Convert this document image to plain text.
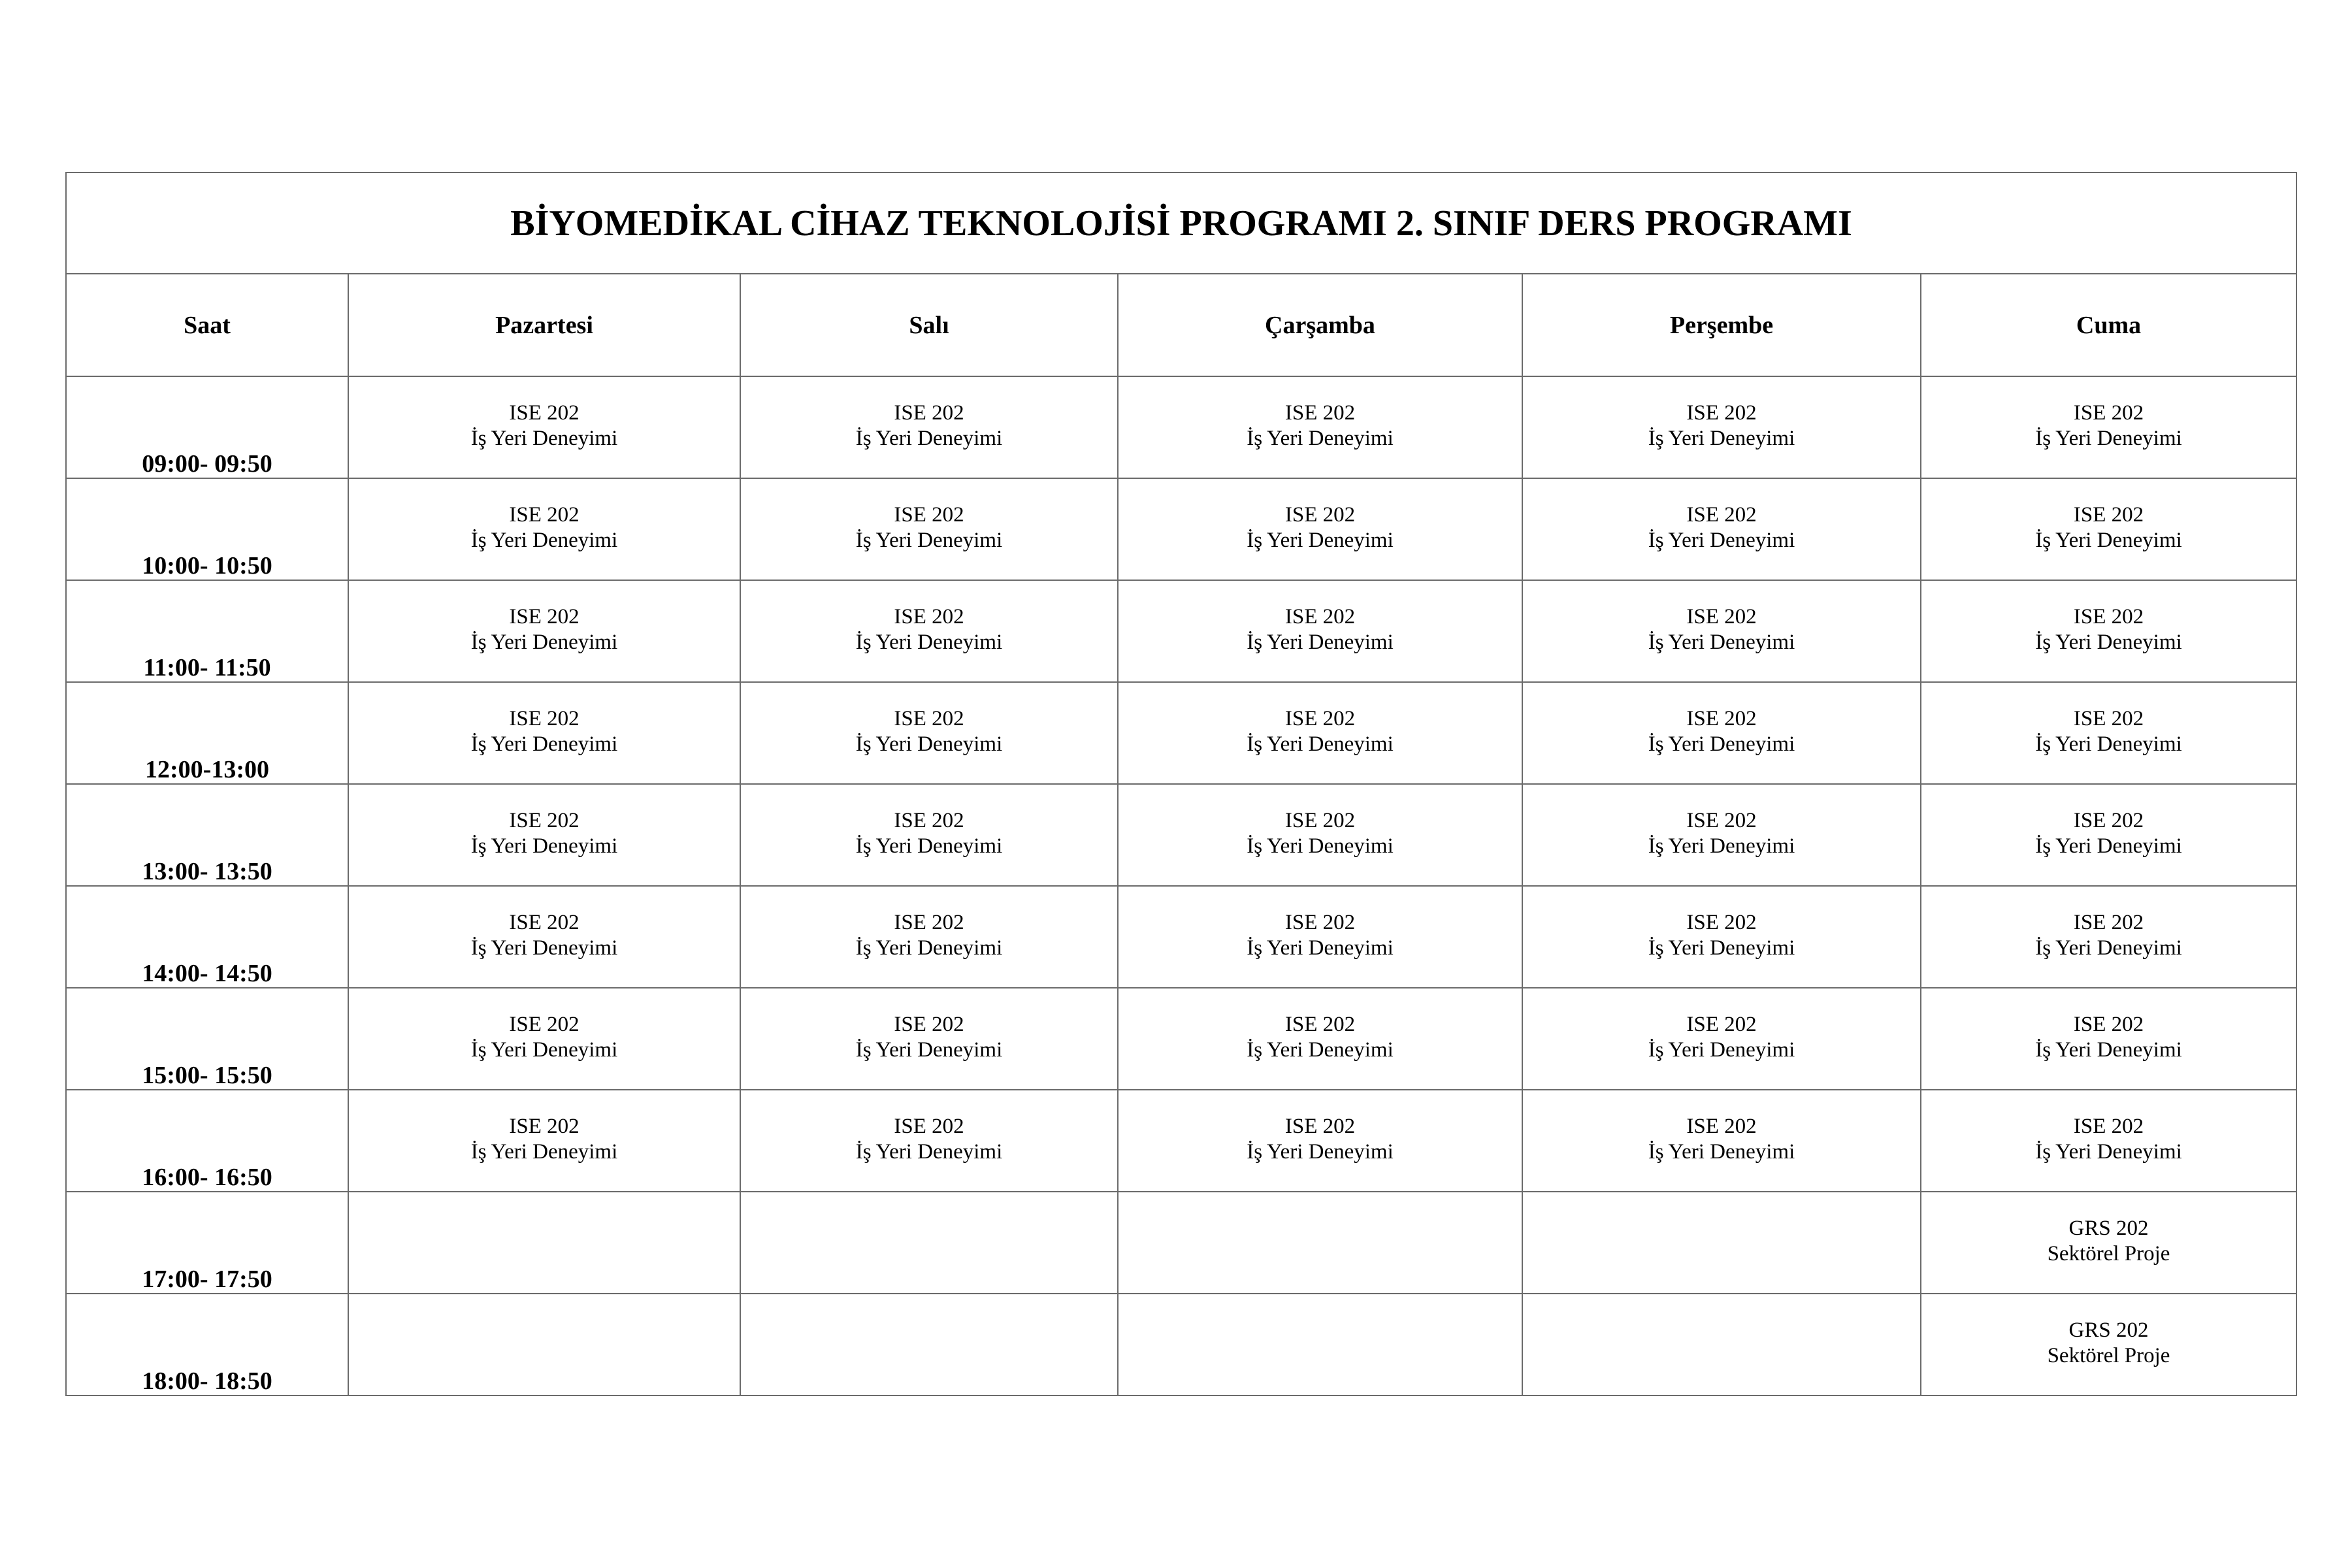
BİYOMEDİKAL CİHAZ TEKNOLOJİSİ PROGRAMI 2. SINIF DERS PROGRAMI					
Saat	Pazartesi	Salı	Çarşamba	Perşembe	Cuma

09:00- 09:50	ISE 202
İş Yeri Deneyimi	ISE 202
İş Yeri Deneyimi	ISE 202
İş Yeri Deneyimi	ISE 202
İş Yeri Deneyimi	ISE 202
İş Yeri Deneyimi

10:00- 10:50	ISE 202
İş Yeri Deneyimi	ISE 202
İş Yeri Deneyimi	ISE 202
İş Yeri Deneyimi	ISE 202
İş Yeri Deneyimi	ISE 202
İş Yeri Deneyimi

11:00- 11:50	ISE 202
İş Yeri Deneyimi	ISE 202
İş Yeri Deneyimi	ISE 202
İş Yeri Deneyimi	ISE 202
İş Yeri Deneyimi	ISE 202
İş Yeri Deneyimi

12:00-13:00	ISE 202
İş Yeri Deneyimi	ISE 202
İş Yeri Deneyimi	ISE 202
İş Yeri Deneyimi	ISE 202
İş Yeri Deneyimi	ISE 202
İş Yeri Deneyimi

13:00- 13:50	ISE 202
İş Yeri Deneyimi	ISE 202
İş Yeri Deneyimi	ISE 202
İş Yeri Deneyimi	ISE 202
İş Yeri Deneyimi	ISE 202
İş Yeri Deneyimi

14:00- 14:50	ISE 202
İş Yeri Deneyimi	ISE 202
İş Yeri Deneyimi	ISE 202
İş Yeri Deneyimi	ISE 202
İş Yeri Deneyimi	ISE 202
İş Yeri Deneyimi

15:00- 15:50	ISE 202
İş Yeri Deneyimi	ISE 202
İş Yeri Deneyimi	ISE 202
İş Yeri Deneyimi	ISE 202
İş Yeri Deneyimi	ISE 202
İş Yeri Deneyimi

16:00- 16:50	ISE 202
İş Yeri Deneyimi	ISE 202
İş Yeri Deneyimi	ISE 202
İş Yeri Deneyimi	ISE 202
İş Yeri Deneyimi	ISE 202
İş Yeri Deneyimi

17:00- 17:50					GRS 202
Sektörel Proje

18:00- 18:50					GRS 202
Sektörel Proje
